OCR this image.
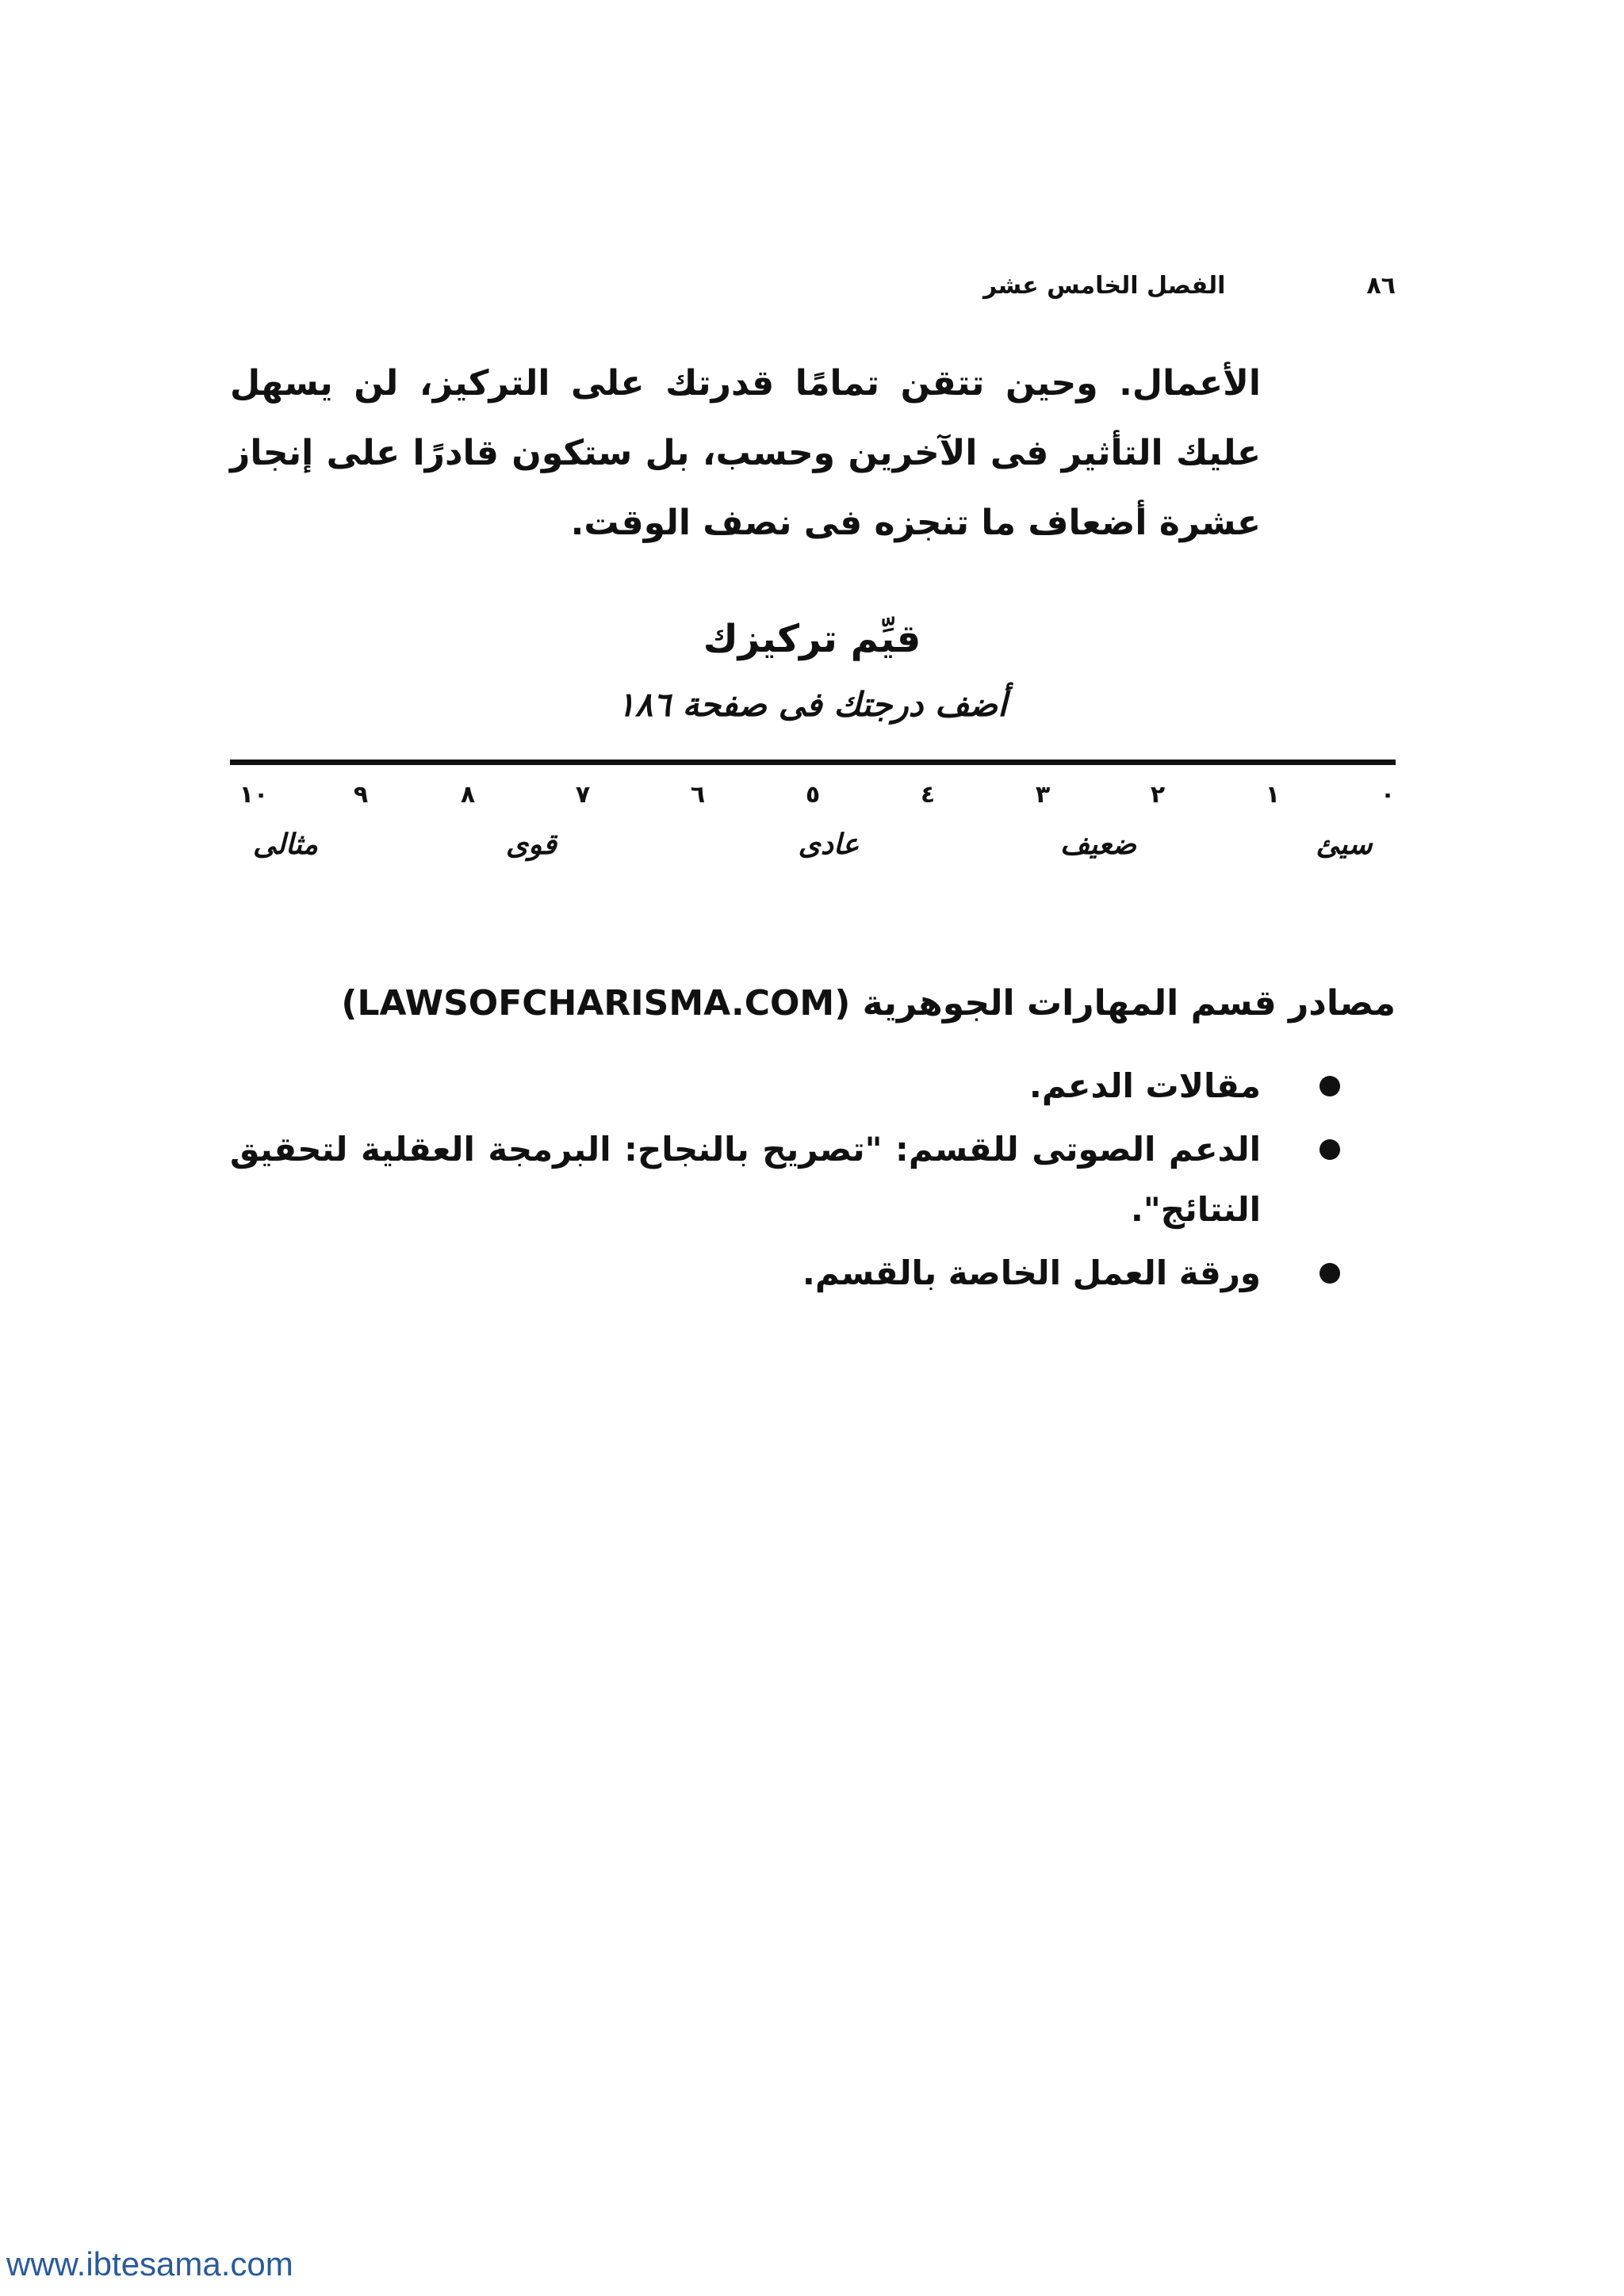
٨٦
الفصل الخامس عشر

الأعمال. وحين تتقن تمامًا قدرتك على التركيز، لن يسهل عليك التأثير فى الآخرين وحسب، بل ستكون قادرًا على إنجاز عشرة أضعاف ما تنجزه فى نصف الوقت.

قيِّم تركيزك
أضف درجتك فى صفحة ١٨٦
٠
١
٢
٣
٤
٥
٦
٧
٨
٩
١٠
سيئ
ضعيف
عادى
قوى
مثالى
مصادر قسم المهارات الجوهرية (LAWSOFCHARISMA.COM)
مقالات الدعم.
الدعم الصوتى للقسم: "تصريح بالنجاح: البرمجة العقلية لتحقيق النتائج".
ورقة العمل الخاصة بالقسم.
www.ibtesama.com
